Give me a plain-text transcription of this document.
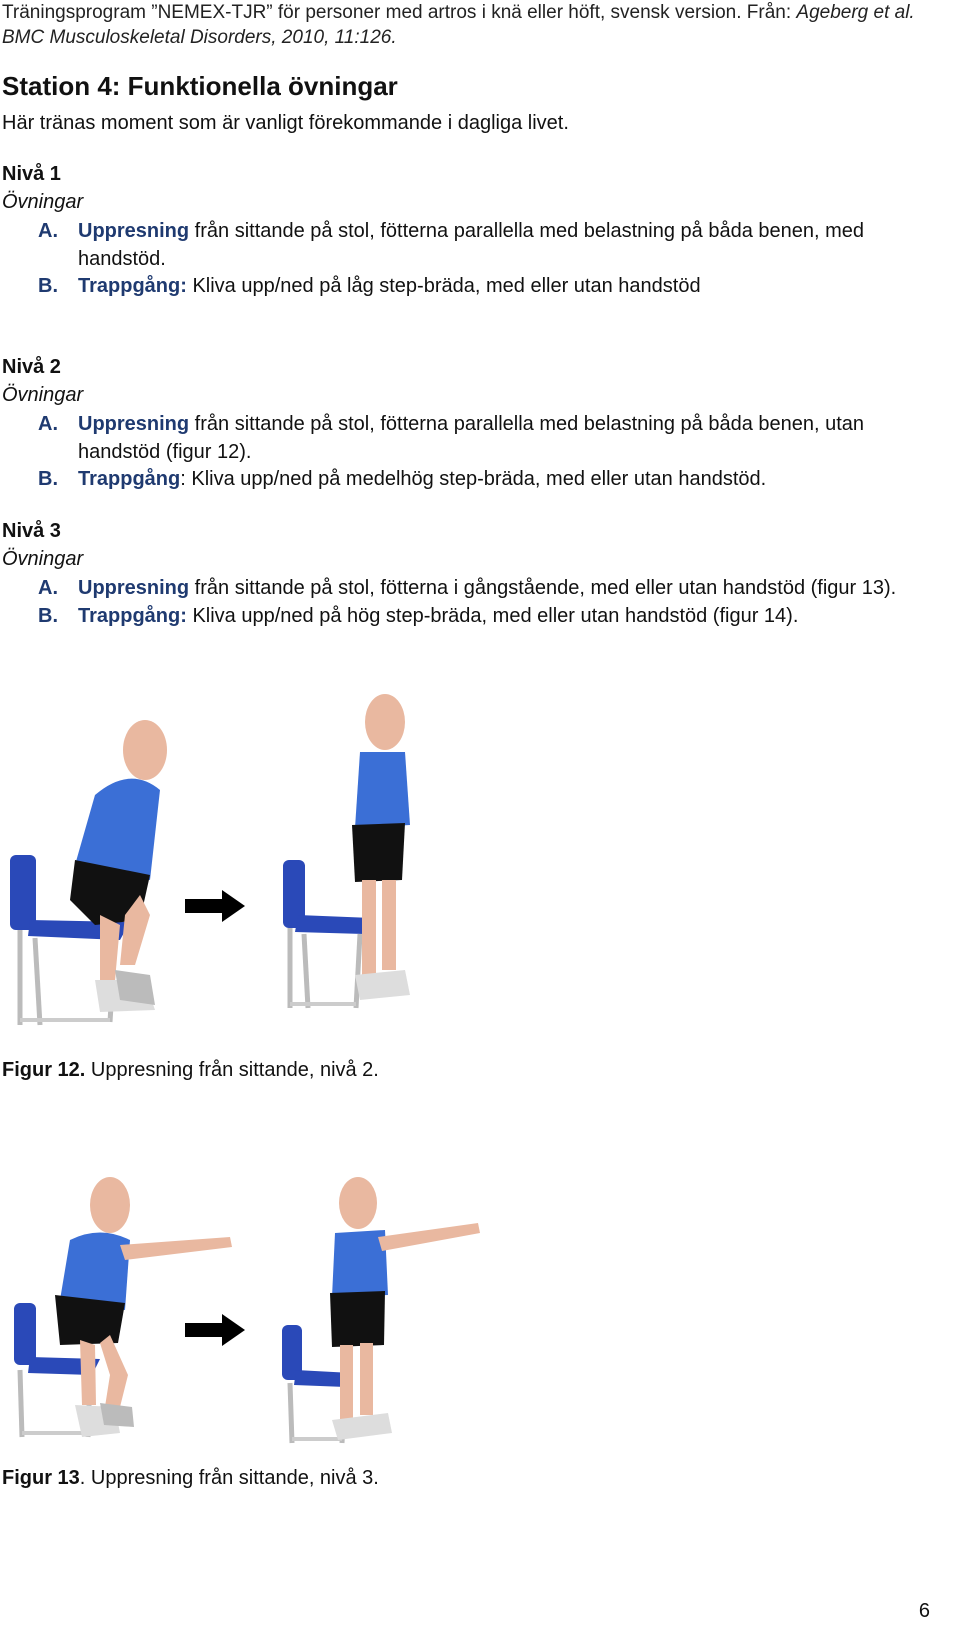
Träningsprogram ”NEMEX-TJR” för personer med artros i knä eller höft, svensk version. Från: Ageberg et al.
BMC Musculoskeletal Disorders, 2010, 11:126.
Station 4: Funktionella övningar
Här tränas moment som är vanligt förekommande i dagliga livet.
Nivå 1
Övningar
A. Uppresning från sittande på stol, fötterna parallella med belastning på båda benen, med handstöd.
B. Trappgång: Kliva upp/ned på låg step-bräda, med eller utan handstöd
Nivå 2
Övningar
A. Uppresning från sittande på stol, fötterna parallella med belastning på båda benen, utan handstöd (figur 12).
B. Trappgång: Kliva upp/ned på medelhög step-bräda, med eller utan handstöd.
Nivå 3
Övningar
A. Uppresning från sittande på stol, fötterna i gångstående, med eller utan handstöd (figur 13).
B. Trappgång: Kliva upp/ned på hög step-bräda, med eller utan handstöd (figur 14).
Figur 12. Uppresning från sittande, nivå 2.
Figur 13. Uppresning från sittande, nivå 3.
6
